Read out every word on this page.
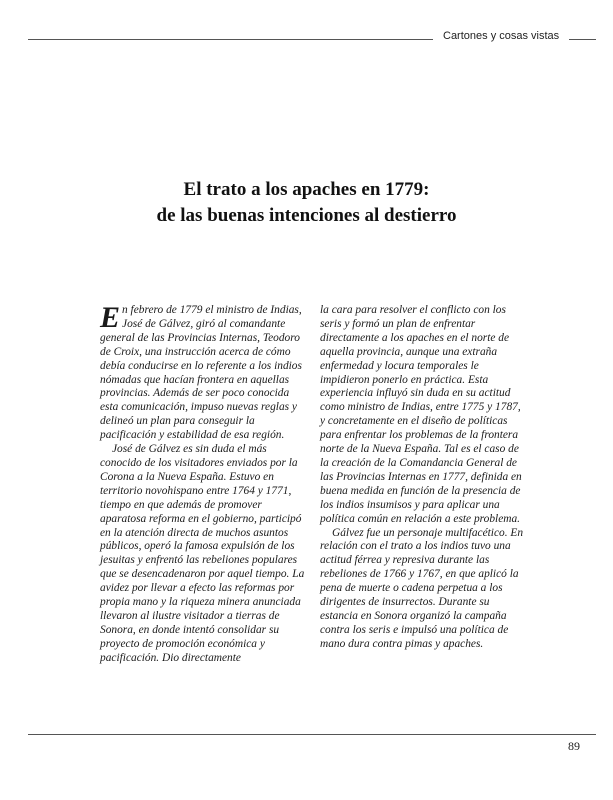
Cartones y cosas vistas
El trato a los apaches en 1779:
de las buenas intenciones al destierro

En febrero de 1779 el ministro de Indias, José de Gálvez, giró al comandante general de las Provincias Internas, Teodoro de Croix, una instrucción acerca de cómo debía conducirse en lo referente a los indios nómadas que hacían frontera en aquellas provincias. Además de ser poco conocida esta comunicación, impuso nuevas reglas y delineó un plan para conseguir la pacificación y estabilidad de esa región.

José de Gálvez es sin duda el más conocido de los visitadores enviados por la Corona a la Nueva España. Estuvo en territorio novohispano entre 1764 y 1771, tiempo en que además de promover aparatosa reforma en el gobierno, participó en la atención directa de muchos asuntos públicos, operó la famosa expulsión de los jesuitas y enfrentó las rebeliones populares que se desencadenaron por aquel tiempo. La avidez por llevar a efecto las reformas por propia mano y la riqueza minera anunciada llevaron al ilustre visitador a tierras de Sonora, en donde intentó consolidar su proyecto de promoción económica y pacificación. Dio directamente

la cara para resolver el conflicto con los seris y formó un plan de enfrentar directamente a los apaches en el norte de aquella provincia, aunque una extraña enfermedad y locura temporales le impidieron ponerlo en práctica. Esta experiencia influyó sin duda en su actitud como ministro de Indias, entre 1775 y 1787, y concretamente en el diseño de políticas para enfrentar los problemas de la frontera norte de la Nueva España. Tal es el caso de la creación de la Comandancia General de las Provincias Internas en 1777, definida en buena medida en función de la presencia de los indios insumisos y para aplicar una política común en relación a este problema.

Gálvez fue un personaje multifacético. En relación con el trato a los indios tuvo una actitud férrea y represiva durante las rebeliones de 1766 y 1767, en que aplicó la pena de muerte o cadena perpetua a los dirigentes de insurrectos. Durante su estancia en Sonora organizó la campaña contra los seris e impulsó una política de mano dura contra pimas y apaches.

89
